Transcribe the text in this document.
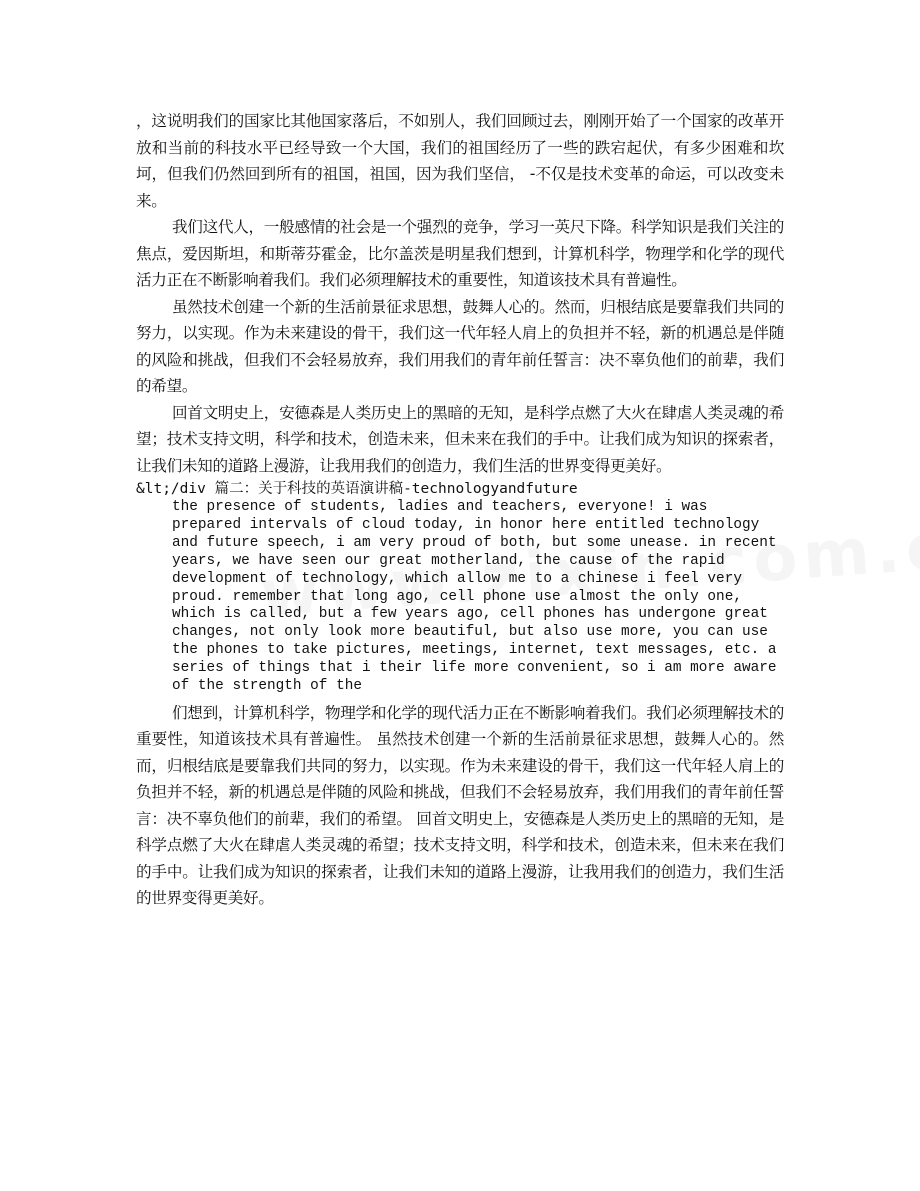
，这说明我们的国家比其他国家落后，不如别人，我们回顾过去，刚刚开始了一个国家的改革开放和当前的科技水平已经导致一个大国，我们的祖国经历了一些的跌宕起伏，有多少困难和坎坷，但我们仍然回到所有的祖国，祖国，因为我们坚信， -不仅是技术变革的命运，可以改变未来。

我们这代人，一般感情的社会是一个强烈的竞争，学习一英尺下降。科学知识是我们关注的焦点，爱因斯坦，和斯蒂芬霍金，比尔盖茨是明星我们想到，计算机科学，物理学和化学的现代活力正在不断影响着我们。我们必须理解技术的重要性，知道该技术具有普遍性。

虽然技术创建一个新的生活前景征求思想，鼓舞人心的。然而，归根结底是要靠我们共同的努力，以实现。作为未来建设的骨干，我们这一代年轻人肩上的负担并不轻，新的机遇总是伴随的风险和挑战，但我们不会轻易放弃，我们用我们的青年前任誓言：决不辜负他们的前辈，我们的希望。

回首文明史上，安德森是人类历史上的黑暗的无知，是科学点燃了大火在肆虐人类灵魂的希望；技术支持文明，科学和技术，创造未来，但未来在我们的手中。让我们成为知识的探索者，让我们未知的道路上漫游，让我用我们的创造力，我们生活的世界变得更美好。

&lt;/div 篇二：关于科技的英语演讲稿-technologyandfuture

the presence of students, ladies and teachers, everyone! i was prepared intervals of cloud today, in honor here entitled technology and future speech, i am very proud of both, but some unease. in recent years, we have seen our great motherland, the cause of the rapid development of technology, which allow me to a chinese i feel very proud. remember that long ago, cell phone use almost the only one, which is called, but a few years ago, cell phones has undergone great changes, not only look more beautiful, but also use more, you can use the phones to take pictures, meetings, internet, text messages, etc. a series of things that i their life more convenient, so i am more aware of the strength of the

们想到，计算机科学，物理学和化学的现代活力正在不断影响着我们。我们必须理解技术的重要性，知道该技术具有普遍性。 虽然技术创建一个新的生活前景征求思想，鼓舞人心的。然而，归根结底是要靠我们共同的努力，以实现。作为未来建设的骨干，我们这一代年轻人肩上的负担并不轻，新的机遇总是伴随的风险和挑战，但我们不会轻易放弃，我们用我们的青年前任誓言：决不辜负他们的前辈，我们的希望。 回首文明史上，安德森是人类历史上的黑暗的无知，是科学点燃了大火在肆虐人类灵魂的希望；技术支持文明，科学和技术，创造未来，但未来在我们的手中。让我们成为知识的探索者，让我们未知的道路上漫游，让我用我们的创造力，我们生活的世界变得更美好。
